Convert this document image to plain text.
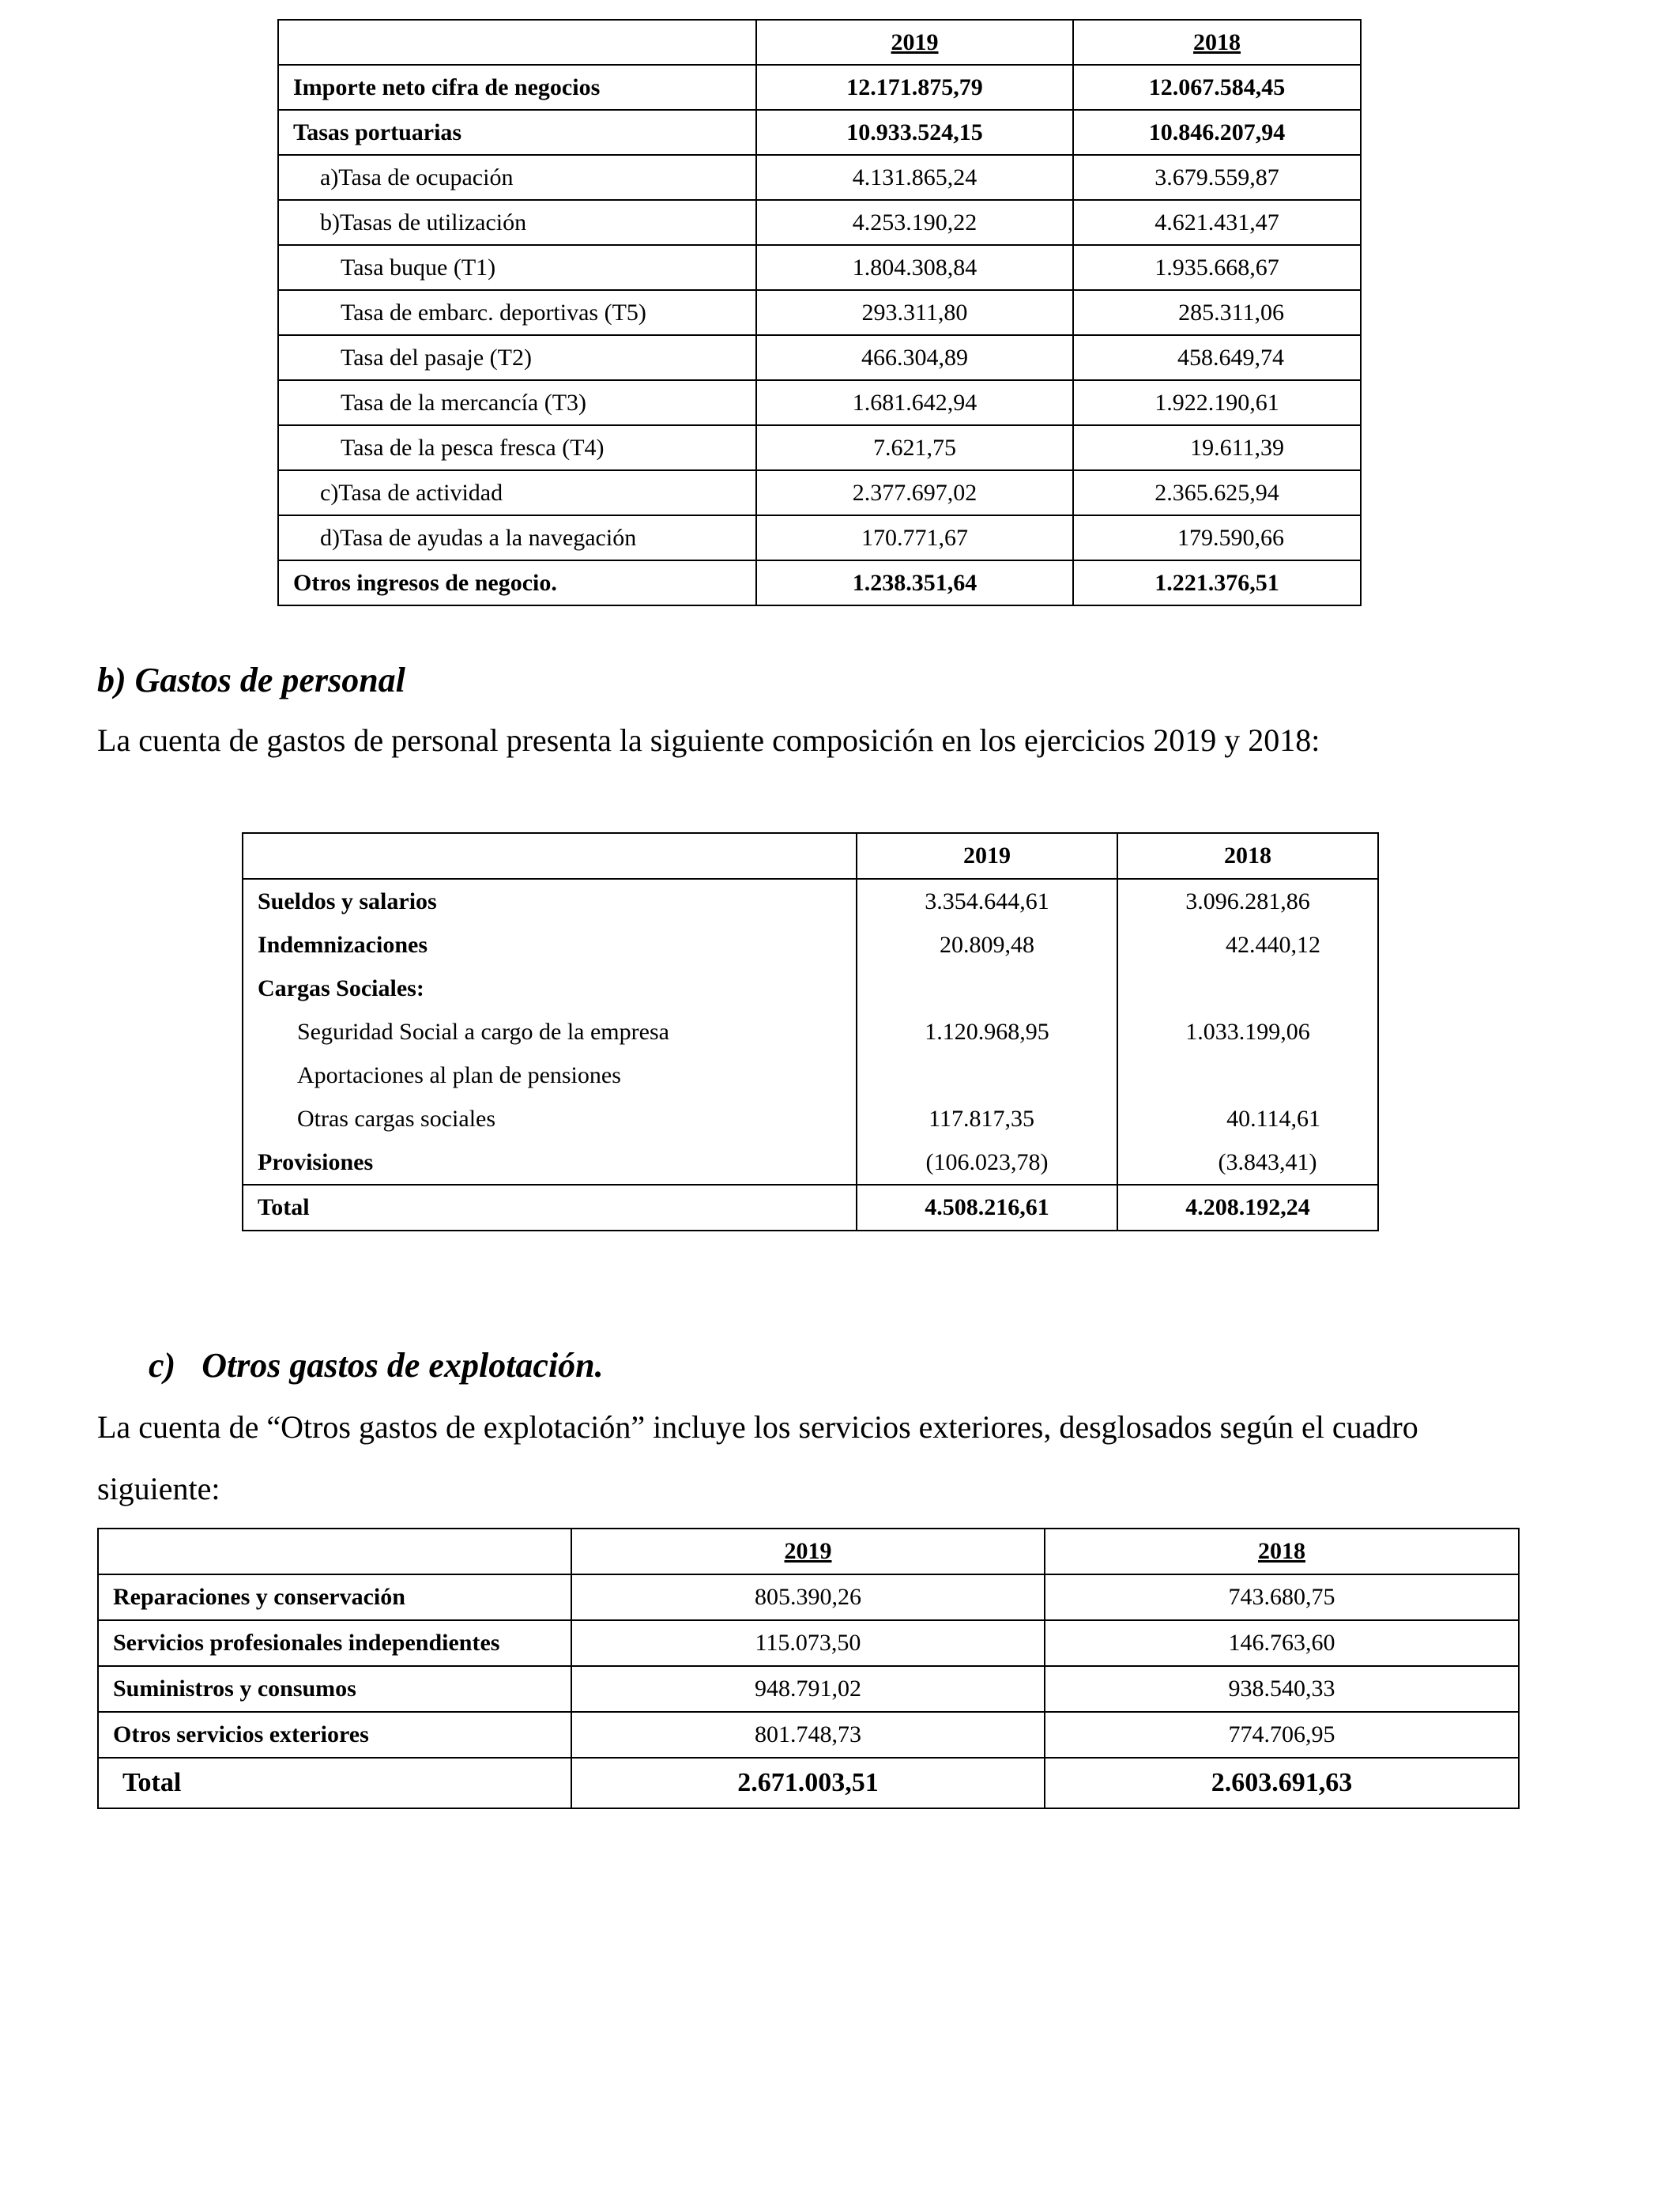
	2019	2018
Importe neto cifra de negocios	12.171.875,79	12.067.584,45
Tasas portuarias	10.933.524,15	10.846.207,94
a)Tasa de ocupación	4.131.865,24	3.679.559,87
b)Tasas de utilización	4.253.190,22	4.621.431,47
Tasa buque (T1)	1.804.308,84	1.935.668,67
Tasa de embarc. deportivas (T5)	293.311,80	285.311,06
Tasa del pasaje (T2)	466.304,89	458.649,74
Tasa de la mercancía (T3)	1.681.642,94	1.922.190,61
Tasa de la pesca fresca (T4)	7.621,75	19.611,39
c)Tasa de actividad	2.377.697,02	2.365.625,94
d)Tasa de ayudas a la navegación	170.771,67	179.590,66
Otros ingresos de negocio.	1.238.351,64	1.221.376,51
b) Gastos de personal
La cuenta de gastos de personal presenta la siguiente composición en los ejercicios 2019 y 2018:
	2019	2018
Sueldos y salarios	3.354.644,61	3.096.281,86
Indemnizaciones	20.809,48	42.440,12
Cargas Sociales:		
Seguridad Social a cargo de la empresa	1.120.968,95	1.033.199,06
Aportaciones al plan de pensiones		
Otras cargas sociales	117.817,35	40.114,61
Provisiones	(106.023,78)	(3.843,41)
Total	4.508.216,61	4.208.192,24
c) Otros gastos de explotación.
La cuenta de “Otros gastos de explotación” incluye los servicios exteriores, desglosados según el cuadro
siguiente:
	2019	2018
Reparaciones y conservación	805.390,26	743.680,75
Servicios profesionales independientes	115.073,50	146.763,60
Suministros y consumos	948.791,02	938.540,33
Otros servicios exteriores	801.748,73	774.706,95
Total	2.671.003,51	2.603.691,63
